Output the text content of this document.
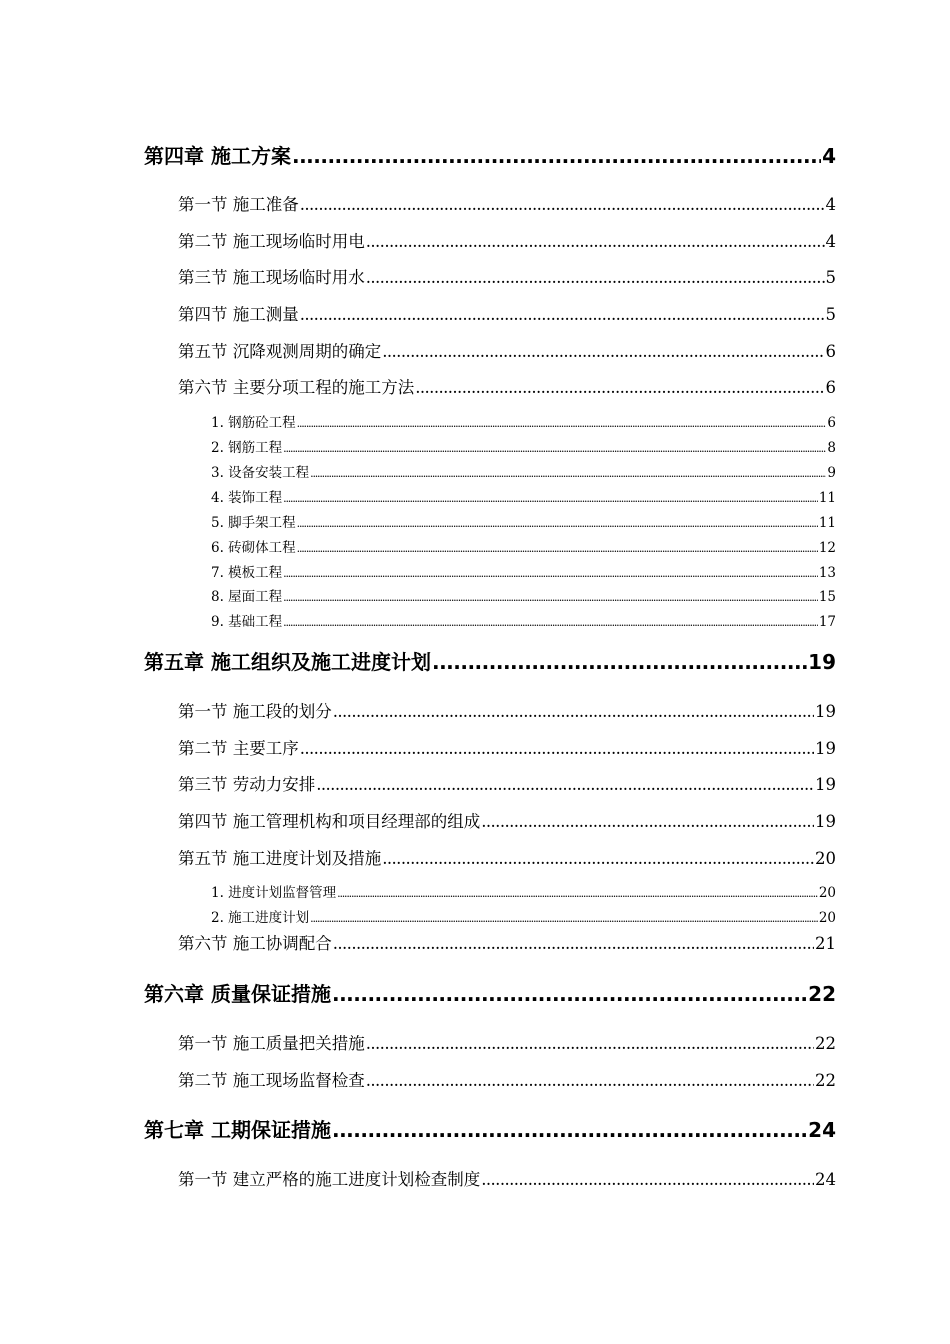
第四章 施工方案 .....	4
第一节 施工准备 .....	4
第二节 施工现场临时用电 .....	4
第三节 施工现场临时用水 .....	5
第四节 施工测量 .....	5
第五节 沉降观测周期的确定 .....	6
第六节 主要分项工程的施工方法 .....	6
1. 钢筋砼工程 .....	6
2. 钢筋工程 .....	8
3. 设备安装工程 .....	9
4. 装饰工程 .....	11
5. 脚手架工程 .....	11
6. 砖砌体工程 .....	12
7. 模板工程 .....	13
8. 屋面工程 .....	15
9. 基础工程 .....	17
第五章 施工组织及施工进度计划 .....	19
第一节 施工段的划分 .....	19
第二节 主要工序 .....	19
第三节 劳动力安排 .....	19
第四节 施工管理机构和项目经理部的组成 .....	19
第五节 施工进度计划及措施 .....	20
1. 进度计划监督管理 .....	20
2. 施工进度计划 .....	20
第六节 施工协调配合 .....	21
第六章 质量保证措施 .....	22
第一节 施工质量把关措施 .....	22
第二节 施工现场监督检查 .....	22
第七章 工期保证措施 .....	24
第一节 建立严格的施工进度计划检查制度 .....	24
